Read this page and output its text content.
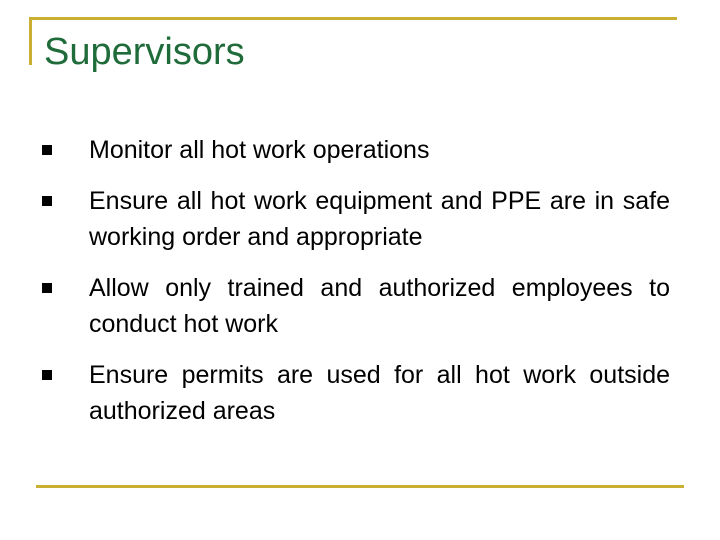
Supervisors
Monitor all hot work operations
Ensure all hot work equipment and PPE are in safe working order and appropriate
Allow only trained and authorized employees to conduct hot work
Ensure permits are used for all hot work outside authorized areas
